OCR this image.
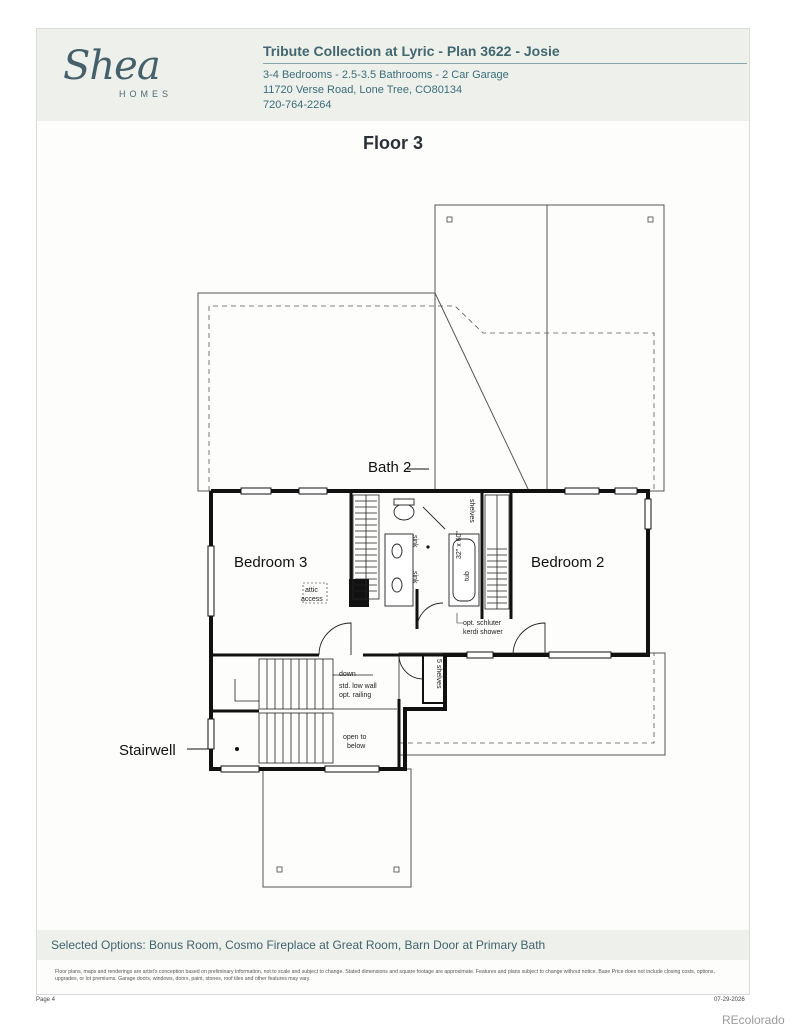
Shea
HOMES
Tribute Collection at Lyric - Plan 3622 - Josie
3-4 Bedrooms - 2.5-3.5 Bathrooms - 2 Car Garage
11720 Verse Road, Lone Tree, CO80134
720-764-2264
Floor 3
Bedroom 3	Bedroom 2
Bath 2
Stairwell
attic
access
sink
sink
shelves
32" x 60"
tub
5 shelves
opt. schluter
kerdi shower
down
std. low wall
opt. railing
open to
below
Selected Options: Bonus Room, Cosmo Fireplace at Great Room, Barn Door at Primary Bath
Floor plans, maps and renderings are artist's conception based on preliminary information, not to scale and subject to change. Stated dimensions and square footage are approximate. Features and plans subject to change without notice. Base Price does not include closing costs, options, upgrades, or lot premiums. Garage doors, windows, doors, paint, stones, roof tiles and other features may vary.
Page 4	07-29-2026
REcolorado
